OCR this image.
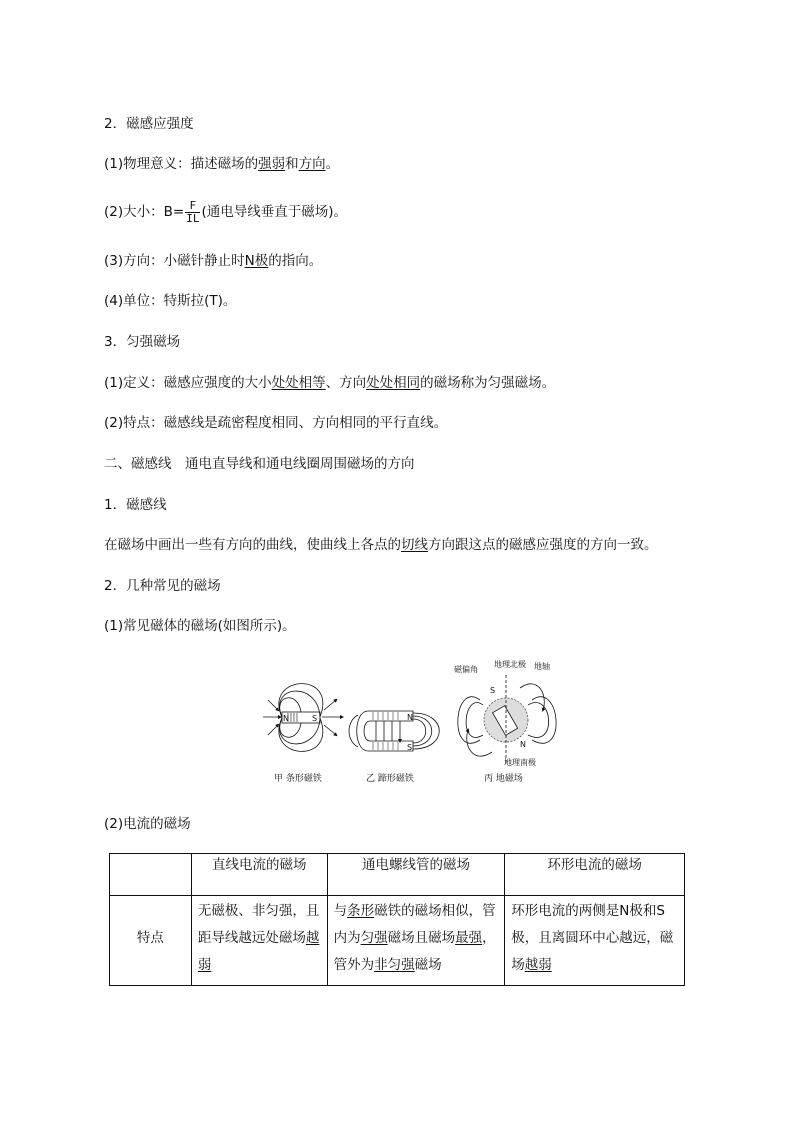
2．磁感应强度
(1)物理意义：描述磁场的强弱和方向。
(2)大小：$B= \frac{F}{IL}$ (通电导线垂直于磁场)。
(3)方向：小磁针静止时N极的指向。
(4)单位：特斯拉(T)。
3．匀强磁场
(1)定义：磁感应强度的大小处处相等、方向处处相同的磁场称为匀强磁场。
(2)特点：磁感线是疏密程度相同、方向相同的平行直线。
二、磁感线　通电直导线和通电线圈周围磁场的方向
1．磁感线
在磁场中画出一些有方向的曲线，使曲线上各点的切线方向跟这点的磁感应强度的方向一致。
2．几种常见的磁场
(1)常见磁体的磁场(如图所示)。
N	S
甲 条形磁铁
N
S
乙 蹄形磁铁
磁偏角
地理北极 地轴
S
N
地理南极
丙 地磁场
(2)电流的磁场
	直线电流的磁场	通电螺线管的磁场	环形电流的磁场
特点	无磁极、非匀强，且距导线越远处磁场越弱	与条形磁铁的磁场相似，管内为匀强磁场且磁场最强，管外为非匀强磁场	环形电流的两侧是N极和S极，且离圆环中心越远，磁场越弱
